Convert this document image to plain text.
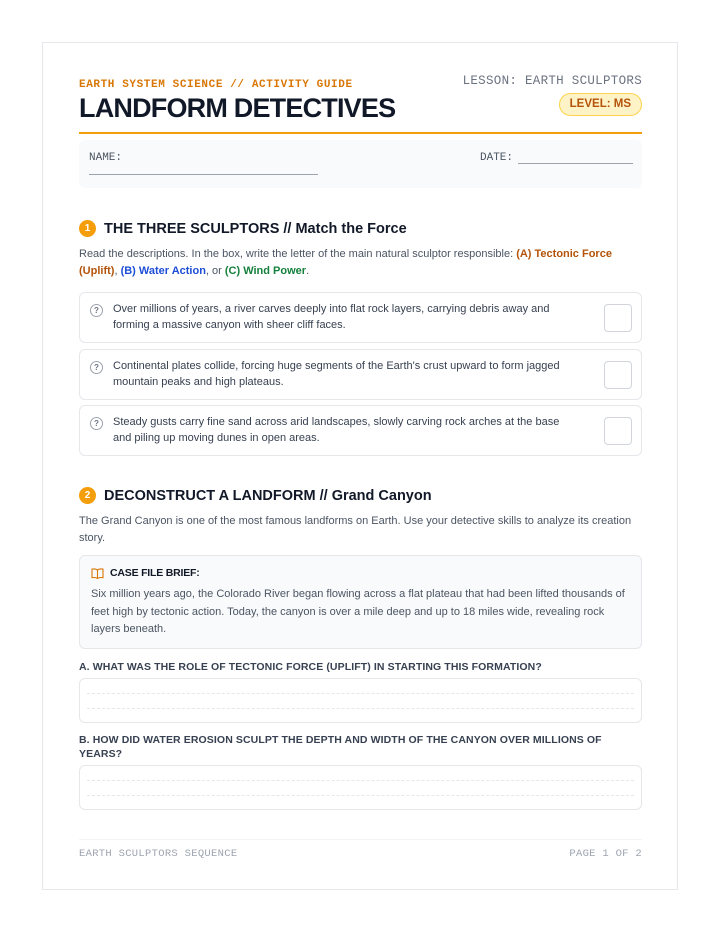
EARTH SYSTEM SCIENCE // ACTIVITY GUIDE	LESSON: EARTH SCULPTORS
LANDFORM DETECTIVES	LEVEL: MS
NAME:	DATE:
1 THE THREE SCULPTORS // Match the Force
Read the descriptions. In the box, write the letter of the main natural sculptor responsible: (A) Tectonic Force (Uplift), (B) Water Action, or (C) Wind Power.
?	Over millions of years, a river carves deeply into flat rock layers, carrying debris away and forming a massive canyon with sheer cliff faces.
?	Continental plates collide, forcing huge segments of the Earth's crust upward to form jagged mountain peaks and high plateaus.
?	Steady gusts carry fine sand across arid landscapes, slowly carving rock arches at the base and piling up moving dunes in open areas.
2 DECONSTRUCT A LANDFORM // Grand Canyon
The Grand Canyon is one of the most famous landforms on Earth. Use your detective skills to analyze its creation story.
CASE FILE BRIEF:
Six million years ago, the Colorado River began flowing across a flat plateau that had been lifted thousands of feet high by tectonic action. Today, the canyon is over a mile deep and up to 18 miles wide, revealing rock layers beneath.
A. WHAT WAS THE ROLE OF TECTONIC FORCE (UPLIFT) IN STARTING THIS FORMATION?
B. HOW DID WATER EROSION SCULPT THE DEPTH AND WIDTH OF THE CANYON OVER MILLIONS OF YEARS?
EARTH SCULPTORS SEQUENCE	PAGE 1 OF 2
